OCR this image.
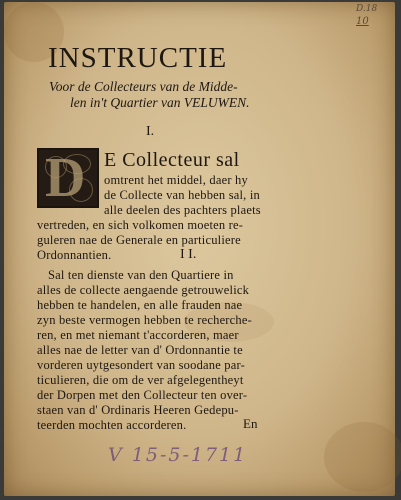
D.18
10
INSTRUCTIE
Voor de Collecteurs van de Midde-
len in't Quartier van VELUWEN.
I.
D E Collecteur sal
omtrent het middel, daer hy
de Collecte van hebben sal, in
alle deelen des pachters plaets
vertreden, en sich volkomen moeten re-
guleren nae de Generale en particuliere
Ordonnantien.	I I.
Sal ten dienste van den Quartiere in
alles de collecte aengaende getrouwelick
hebben te handelen, en alle frauden nae
zyn beste vermogen hebben te recherche-
ren, en met niemant t'accorderen, maer
alles nae de letter van d' Ordonnantie te
vorderen uytgesondert van soodane par-
ticulieren, die om de ver afgelegentheyt
der Dorpen met den Collecteur ten over-
staen van d' Ordinaris Heeren Gedepu-
teerden mochten accorderen.	En
V 15-5-1711
